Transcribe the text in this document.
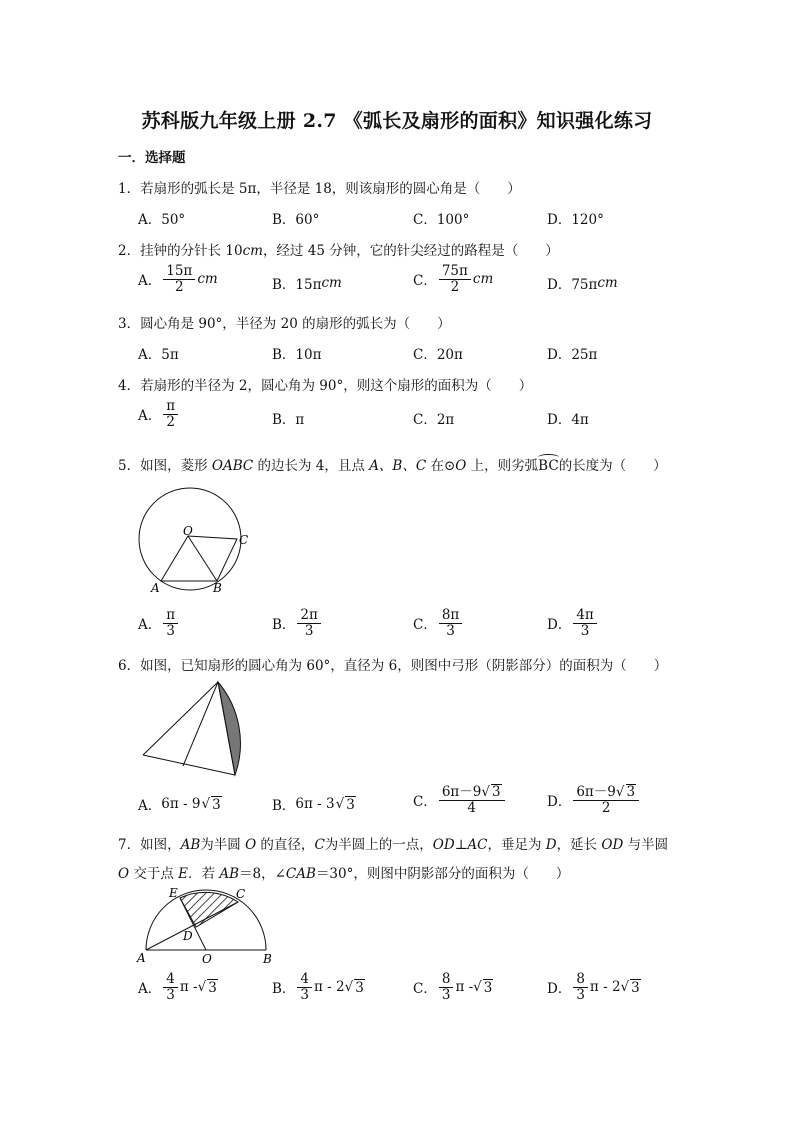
苏科版九年级上册 2.7 《弧长及扇形的面积》知识强化练习
一．选择题
1．若扇形的弧长是 5π，半径是 18，则该扇形的圆心角是（　　）
A．50°	B．60°	C．100°	D．120°
2．挂钟的分针长 10cm，经过 45 分钟，它的针尖经过的路程是（　　）
A． $\frac{15\pi}{2}$ cm	B．15π cm	C． $\frac{75\pi}{2}$ cm	D．75π cm
3．圆心角是 90°，半径为 20 的扇形的弧长为（　　）
A．5π	B．10π	C．20π	D．25π
4．若扇形的半径为 2，圆心角为 90°，则这个扇形的面积为（　　）
A． $\frac{\pi}{2}$	B．π	C．2π	D．4π
5．如图，菱形 OABC 的边长为 4，且点 A、B、C 在⊙O 上，则劣弧BC的长度为（　　）
O
C
A	B
A． $\frac{\pi}{3}$	B． $\frac{2\pi}{3}$	C． $\frac{8\pi}{3}$	D． $\frac{4\pi}{3}$
6．如图，已知扇形的圆心角为 60°，直径为 6，则图中弓形（阴影部分）的面积为（　　）
A． 6π - 9 √ 3	B． 6π - 3 √ 3	C． $\frac{6\pi-9√ 3}{4}$	D． $\frac{6\pi-9√ 3}{2}$
7．如图，AB为半圆 O 的直径，C为半圆上的一点，OD⊥AC，垂足为 D，延长 OD 与半圆
O 交于点 E．若 AB＝8，∠CAB＝30°，则图中阴影部分的面积为（　　）
E	C
D
A	O	B
A． $\frac{4}{3}$ π - √ 3	B． $\frac{4}{3}$ π - 2 √ 3	C． $\frac{8}{3}$ π - √ 3	D． $\frac{8}{3}$ π - 2 √ 3
